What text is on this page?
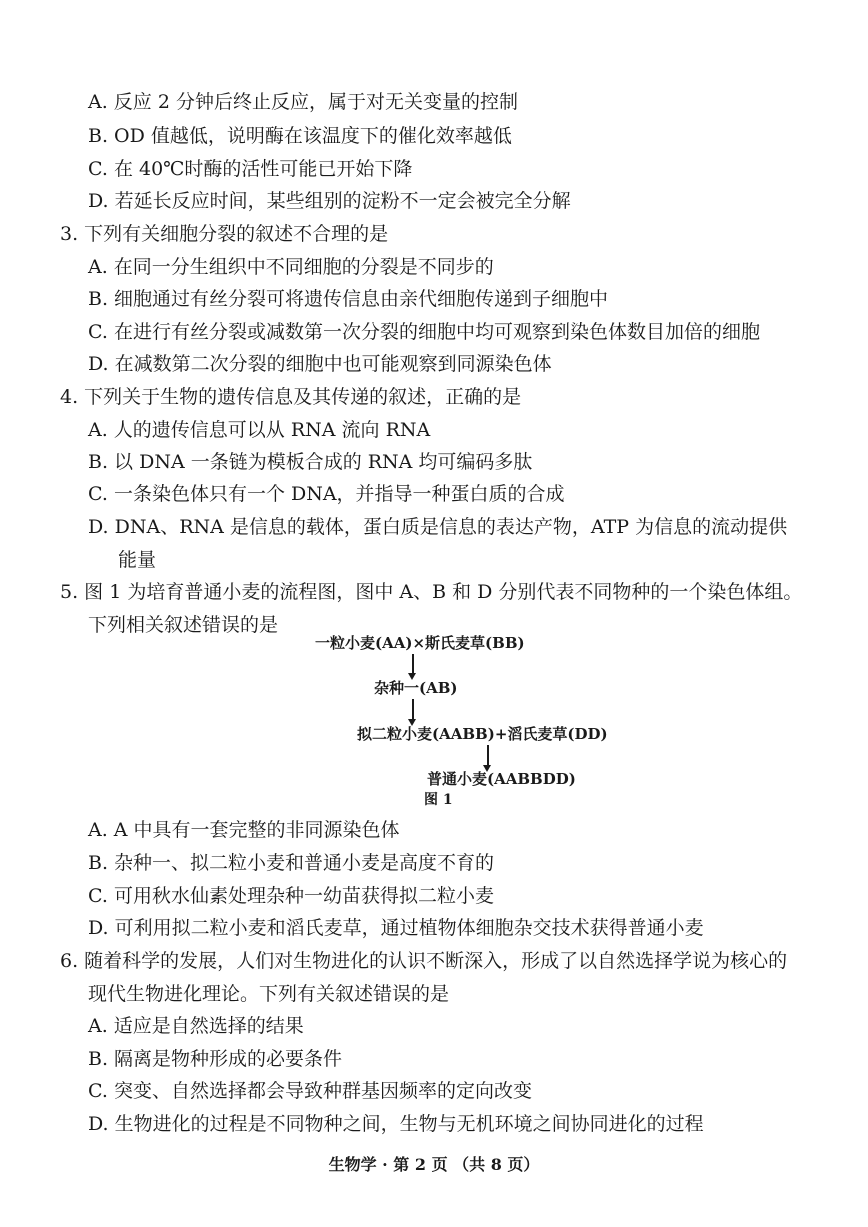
A. 反应 2 分钟后终止反应，属于对无关变量的控制
B. OD 值越低，说明酶在该温度下的催化效率越低
C. 在 40℃时酶的活性可能已开始下降
D. 若延长反应时间，某些组别的淀粉不一定会被完全分解
3. 下列有关细胞分裂的叙述不合理的是
A. 在同一分生组织中不同细胞的分裂是不同步的
B. 细胞通过有丝分裂可将遗传信息由亲代细胞传递到子细胞中
C. 在进行有丝分裂或减数第一次分裂的细胞中均可观察到染色体数目加倍的细胞
D. 在减数第二次分裂的细胞中也可能观察到同源染色体
4. 下列关于生物的遗传信息及其传递的叙述，正确的是
A. 人的遗传信息可以从 RNA 流向 RNA
B. 以 DNA 一条链为模板合成的 RNA 均可编码多肽
C. 一条染色体只有一个 DNA，并指导一种蛋白质的合成
D. DNA、RNA 是信息的载体，蛋白质是信息的表达产物，ATP 为信息的流动提供
能量
5. 图 1 为培育普通小麦的流程图，图中 A、B 和 D 分别代表不同物种的一个染色体组。
下列相关叙述错误的是
一粒小麦(AA)×斯氏麦草(BB)
杂种一(AB)
拟二粒小麦(AABB)+滔氏麦草(DD)
普通小麦(AABBDD)
图 1
A. A 中具有一套完整的非同源染色体
B. 杂种一、拟二粒小麦和普通小麦是高度不育的
C. 可用秋水仙素处理杂种一幼苗获得拟二粒小麦
D. 可利用拟二粒小麦和滔氏麦草，通过植物体细胞杂交技术获得普通小麦
6. 随着科学的发展，人们对生物进化的认识不断深入，形成了以自然选择学说为核心的
现代生物进化理论。下列有关叙述错误的是
A. 适应是自然选择的结果
B. 隔离是物种形成的必要条件
C. 突变、自然选择都会导致种群基因频率的定向改变
D. 生物进化的过程是不同物种之间，生物与无机环境之间协同进化的过程
生物学 · 第 2 页 （共 8 页）
